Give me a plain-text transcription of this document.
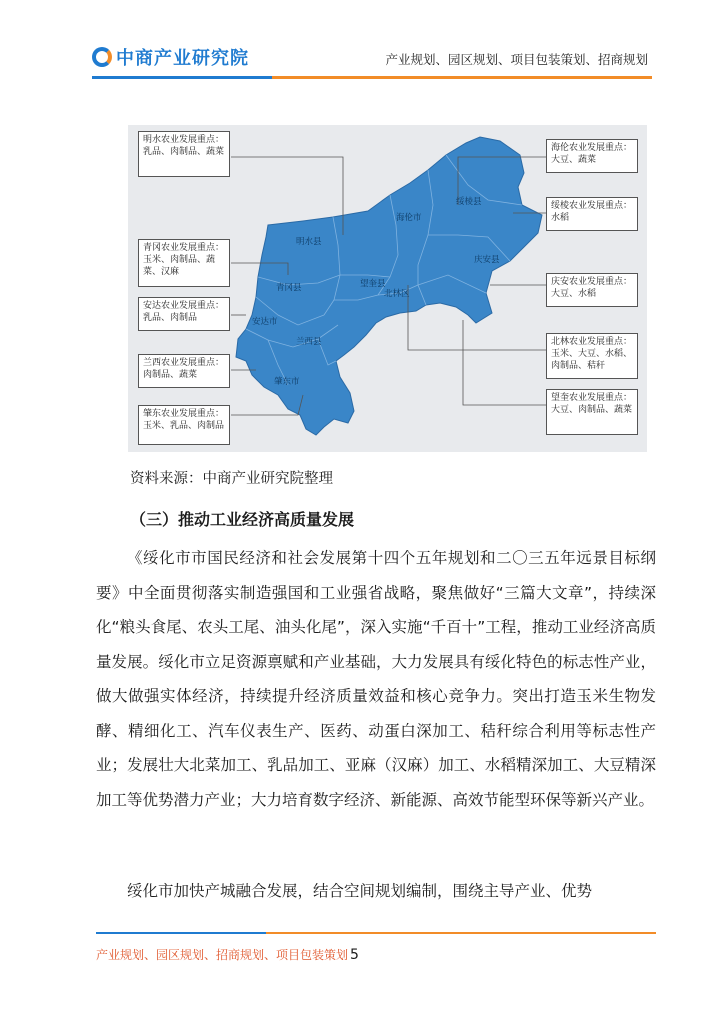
中商产业研究院	产业规划、园区规划、项目包装策划、招商规划
明水农业发展重点：乳品、肉制品、蔬菜
青冈农业发展重点：玉米、肉制品、蔬菜、汉麻
安达农业发展重点：乳品、肉制品
兰西农业发展重点：肉制品、蔬菜
肇东农业发展重点：玉米、乳品、肉制品
海伦农业发展重点：大豆、蔬菜
绥棱农业发展重点：水稻
庆安农业发展重点：大豆、水稻
北林农业发展重点：玉米、大豆、水稻、肉制品、秸秆
望奎农业发展重点：大豆、肉制品、蔬菜
明水县
青冈县
安达市
兰西县
肇东市
望奎县
北林区
海伦市
绥棱县
庆安县
资料来源：中商产业研究院整理
（三）推动工业经济高质量发展

《绥化市市国民经济和社会发展第十四个五年规划和二〇三五年远景目标纲要》中全面贯彻落实制造强国和工业强省战略，聚焦做好“三篇大文章”，持续深化“粮头食尾、农头工尾、油头化尾”，深入实施“千百十”工程，推动工业经济高质量发展。绥化市立足资源禀赋和产业基础，大力发展具有绥化特色的标志性产业，做大做强实体经济，持续提升经济质量效益和核心竞争力。突出打造玉米生物发酵、精细化工、汽车仪表生产、医药、动蛋白深加工、秸秆综合利用等标志性产业；发展壮大北菜加工、乳品加工、亚麻（汉麻）加工、水稻精深加工、大豆精深加工等优势潜力产业；大力培育数字经济、新能源、高效节能型环保等新兴产业。

绥化市加快产城融合发展，结合空间规划编制，围绕主导产业、优势

产业规划、园区规划、招商规划、项目包装策划 5
